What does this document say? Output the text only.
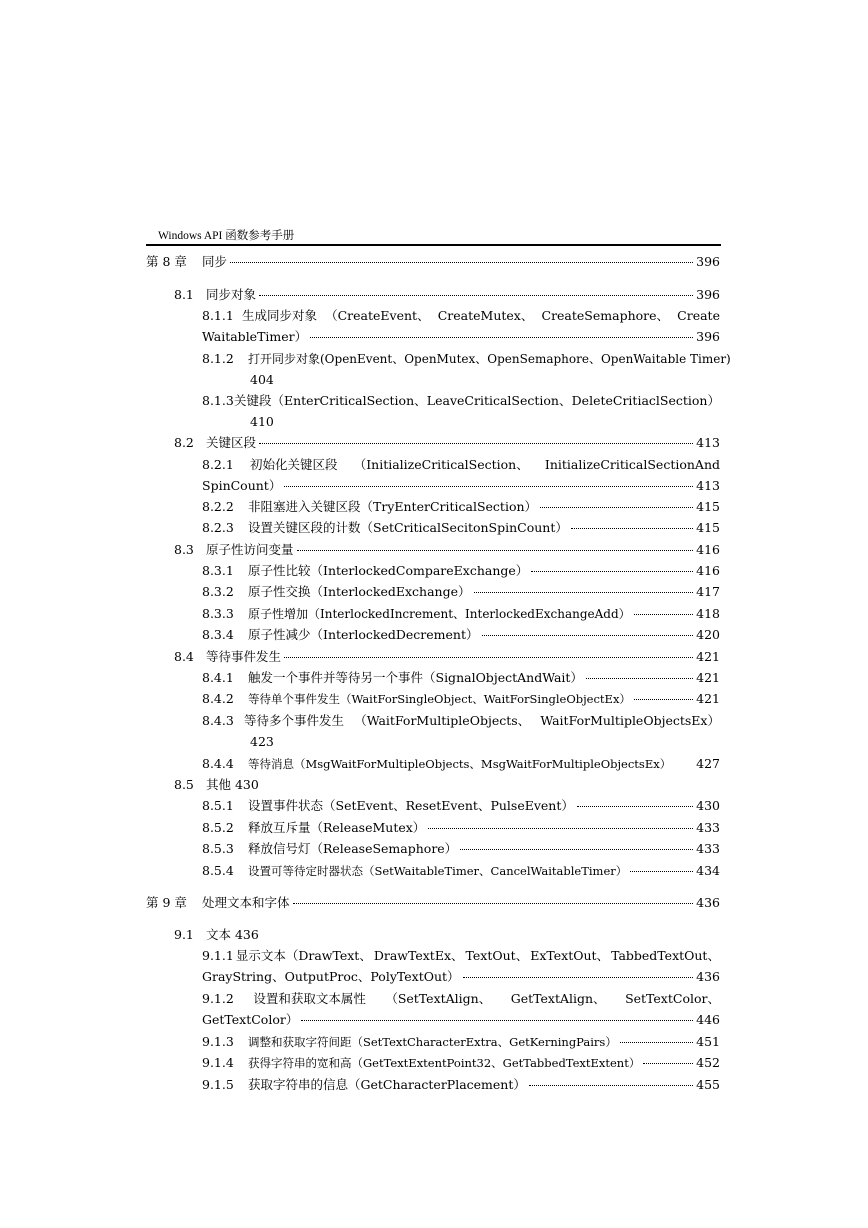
Windows API 函数参考手册
第 8 章	同步	396
8.1 同步对象	396
8.1.1 生成同步对象 （CreateEvent、 CreateMutex、 CreateSemaphore、 Create
WaitableTimer）	396
8.1.2 打开同步对象(OpenEvent、OpenMutex、OpenSemaphore、OpenWaitable Timer)
404
8.1.3 关键段（EnterCriticalSection、 LeaveCriticalSection、 DeleteCritiaclSection）
410
8.2 关键区段	413
8.2.1 初始化关键区段 （InitializeCriticalSection、 InitializeCriticalSectionAnd
SpinCount）	413
8.2.2	非阻塞进入关键区段（TryEnterCriticalSection）	415
8.2.3	设置关键区段的计数（SetCriticalSecitonSpinCount）	415
8.3 原子性访问变量	416
8.3.1	原子性比较（InterlockedCompareExchange）	416
8.3.2	原子性交换（InterlockedExchange）	417
8.3.3	原子性增加（InterlockedIncrement、InterlockedExchangeAdd）	418
8.3.4	原子性减少（InterlockedDecrement）	420
8.4 等待事件发生	421
8.4.1	触发一个事件并等待另一个事件（SignalObjectAndWait）	421
8.4.2	等待单个事件发生（WaitForSingleObject、WaitForSingleObjectEx）	421
8.4.3 等待多个事件发生 （WaitForMultipleObjects、 WaitForMultipleObjectsEx）
423
8.4.4 等待消息（MsgWaitForMultipleObjects、MsgWaitForMultipleObjectsEx） 427
8.5 其他 430
8.5.1	设置事件状态（SetEvent、ResetEvent、PulseEvent）	430
8.5.2	释放互斥量（ReleaseMutex）	433
8.5.3	释放信号灯（ReleaseSemaphore）	433
8.5.4	设置可等待定时器状态（SetWaitableTimer、CancelWaitableTimer）	434
第 9 章	处理文本和字体	436
9.1 文本 436
9.1.1 显示文本（DrawText、 DrawTextEx、 TextOut、 ExTextOut、 TabbedTextOut、
GrayString、OutputProc、PolyTextOut）	436
9.1.2 设置和获取文本属性 （SetTextAlign、 GetTextAlign、 SetTextColor、
GetTextColor）	446
9.1.3	调整和获取字符间距（SetTextCharacterExtra、GetKerningPairs）	451
9.1.4	获得字符串的宽和高（GetTextExtentPoint32、GetTabbedTextExtent）	452
9.1.5	获取字符串的信息（GetCharacterPlacement）	455
